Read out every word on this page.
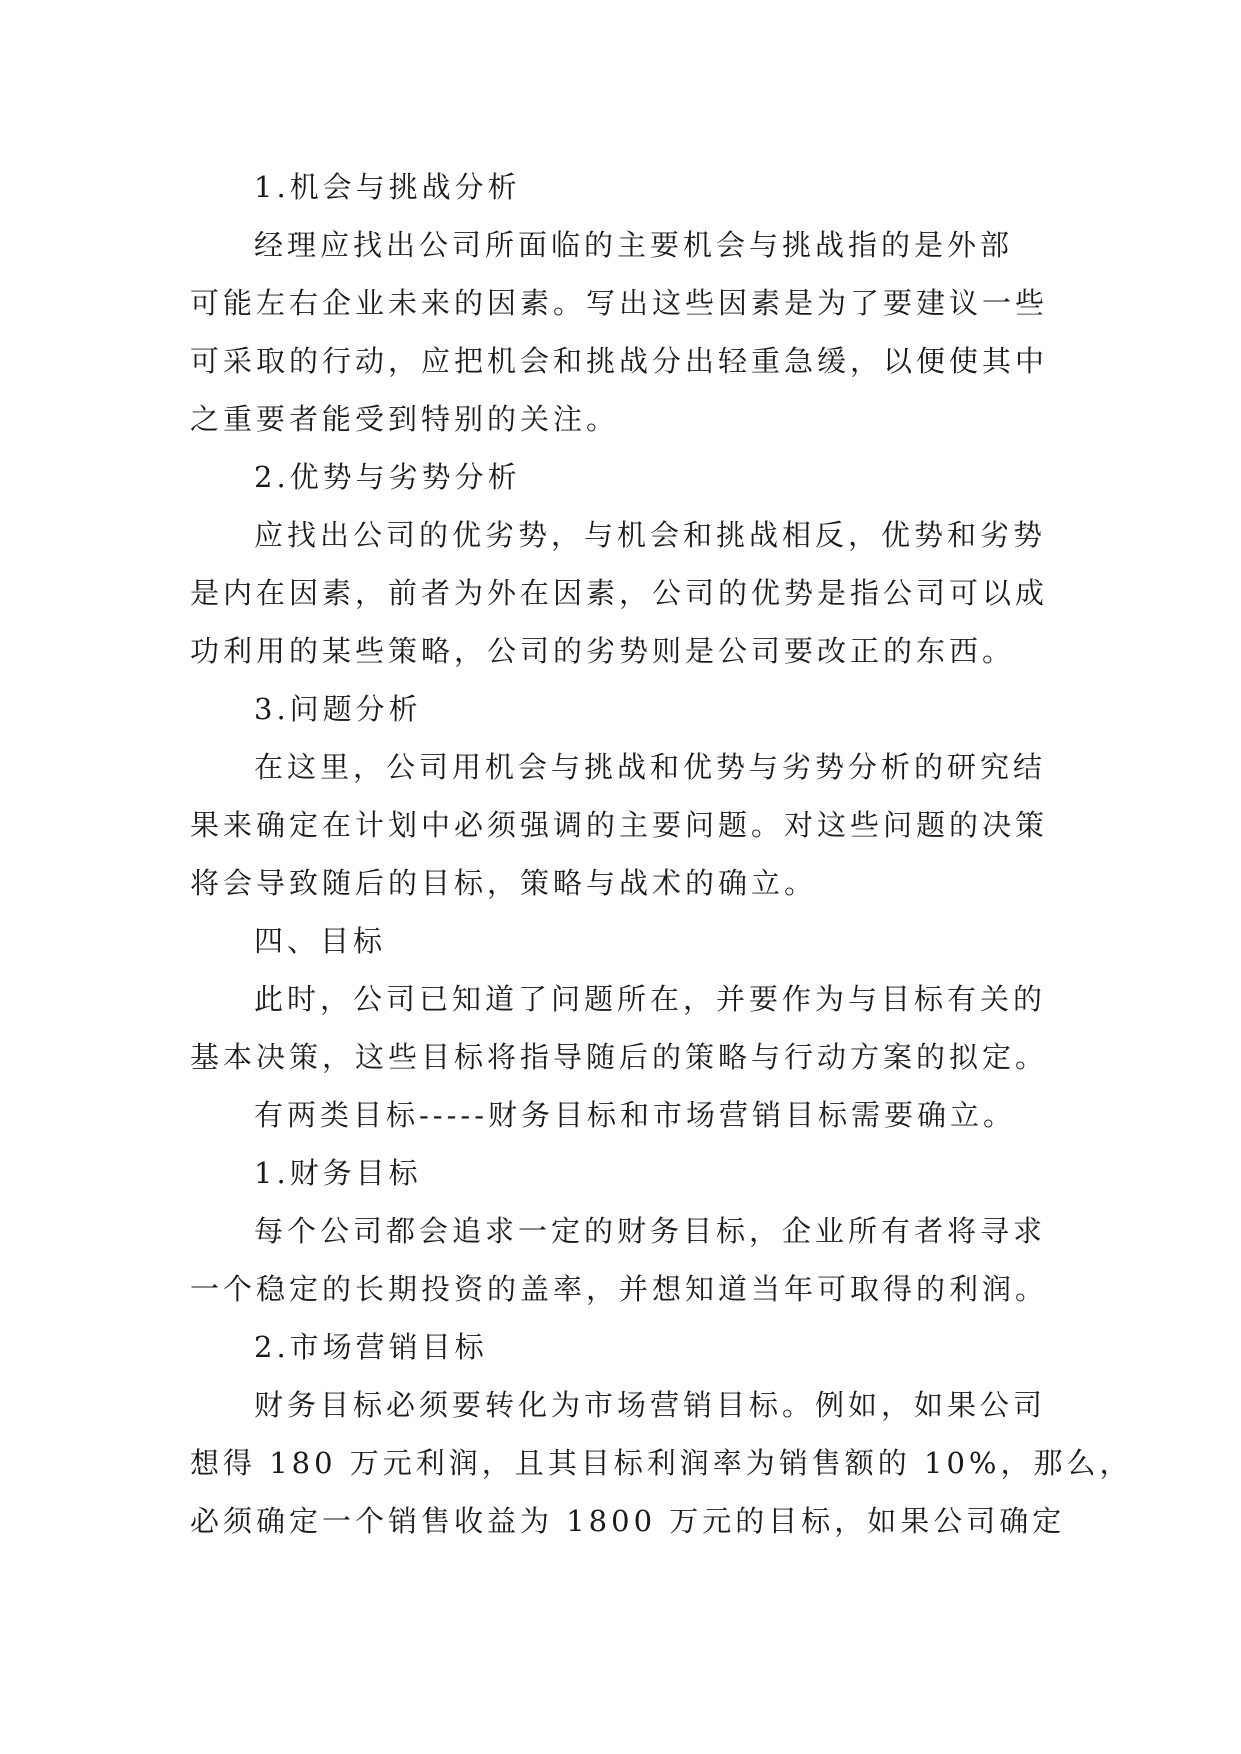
1.机会与挑战分析
经理应找出公司所面临的主要机会与挑战指的是外部
可能左右企业未来的因素。写出这些因素是为了要建议一些
可采取的行动，应把机会和挑战分出轻重急缓，以便使其中
之重要者能受到特别的关注。
2.优势与劣势分析
应找出公司的优劣势，与机会和挑战相反，优势和劣势
是内在因素，前者为外在因素，公司的优势是指公司可以成
功利用的某些策略，公司的劣势则是公司要改正的东西。
3.问题分析
在这里，公司用机会与挑战和优势与劣势分析的研究结
果来确定在计划中必须强调的主要问题。对这些问题的决策
将会导致随后的目标，策略与战术的确立。
四、目标
此时，公司已知道了问题所在，并要作为与目标有关的
基本决策，这些目标将指导随后的策略与行动方案的拟定。
有两类目标-----财务目标和市场营销目标需要确立。
1.财务目标
每个公司都会追求一定的财务目标，企业所有者将寻求
一个稳定的长期投资的盖率，并想知道当年可取得的利润。
2.市场营销目标
财务目标必须要转化为市场营销目标。例如，如果公司
想得 180 万元利润，且其目标利润率为销售额的 10%，那么，
必须确定一个销售收益为 1800 万元的目标，如果公司确定
